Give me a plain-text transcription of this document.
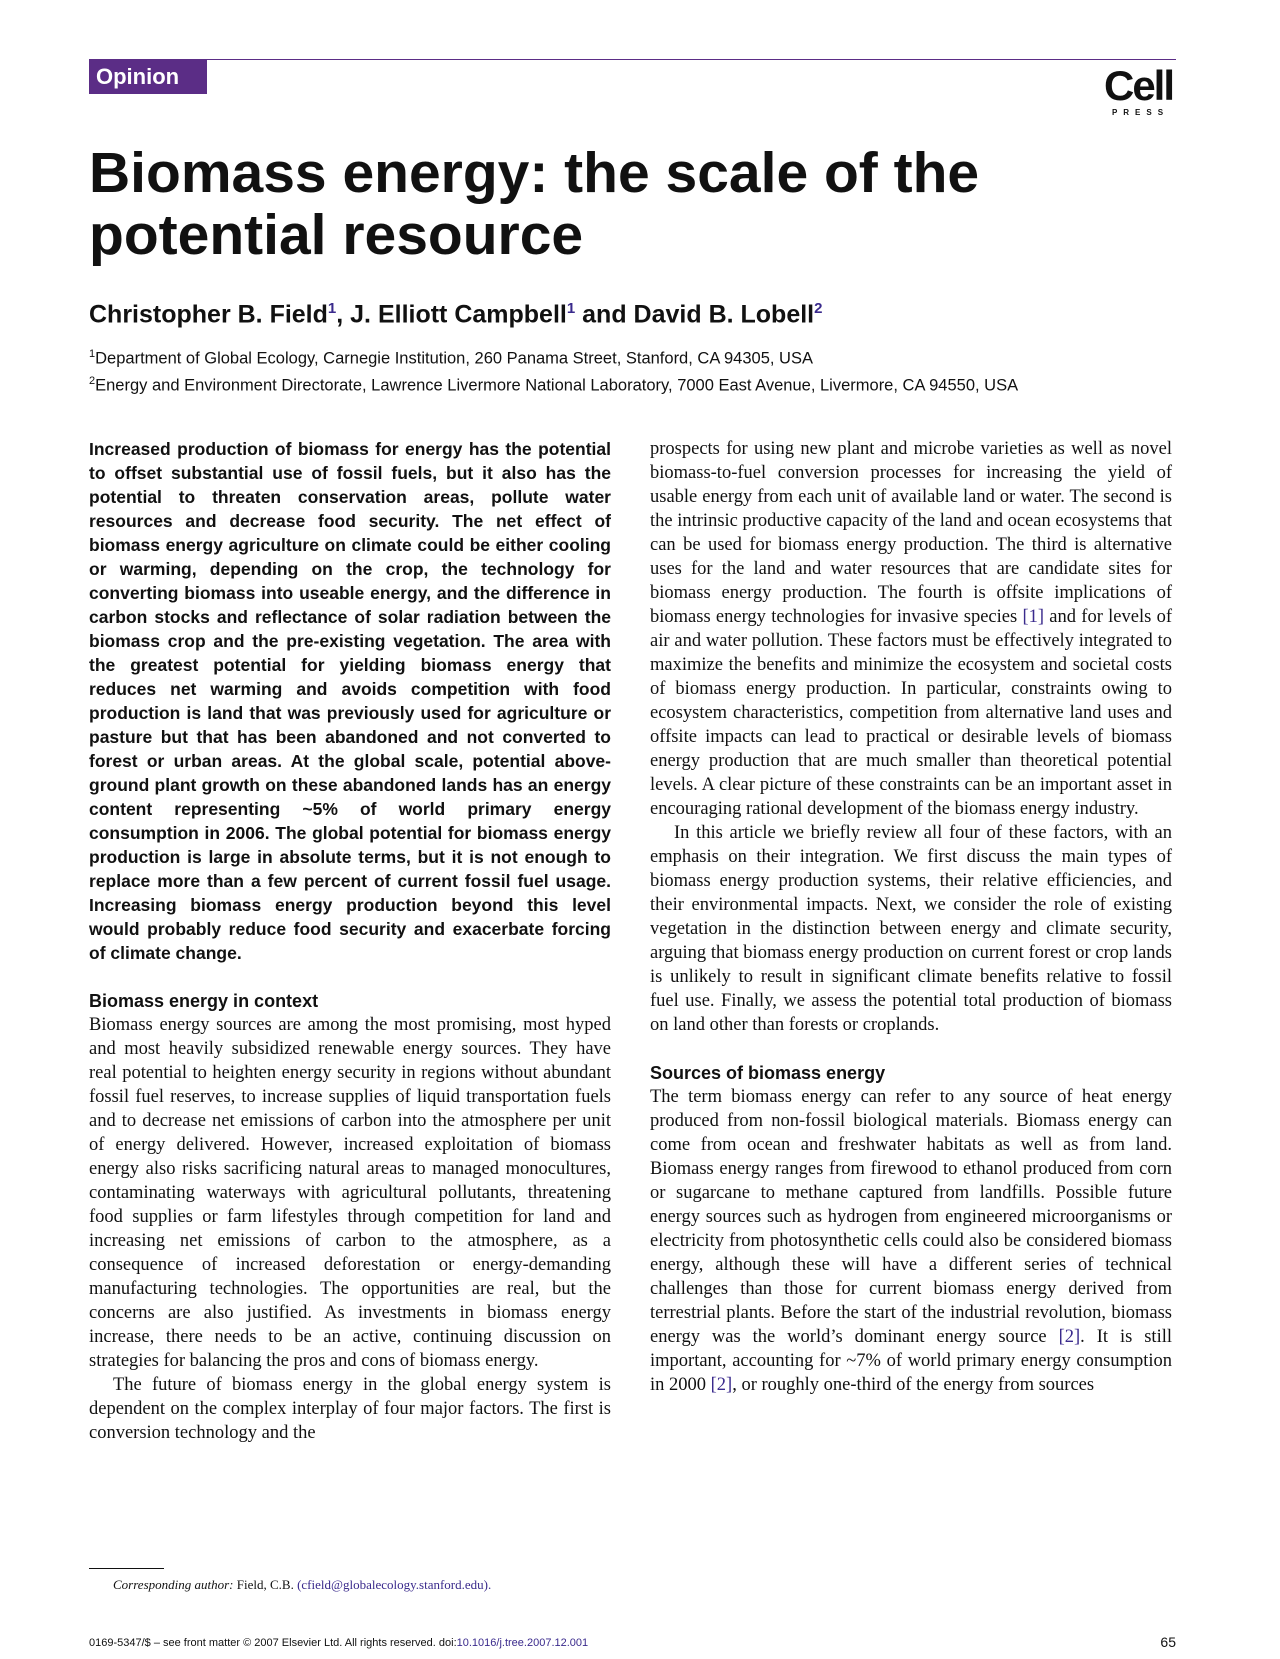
Opinion	Cell
PRESS
Biomass energy: the scale of the potential resource
Christopher B. Field$^1$, J. Elliott Campbell$^1$ and David B. Lobell$^2$
$^1$Department of Global Ecology, Carnegie Institution, 260 Panama Street, Stanford, CA 94305, USA
$^2$Energy and Environment Directorate, Lawrence Livermore National Laboratory, 7000 East Avenue, Livermore, CA 94550, USA

Increased production of biomass for energy has the potential to offset substantial use of fossil fuels, but it also has the potential to threaten conservation areas, pollute water resources and decrease food security. The net effect of biomass energy agriculture on climate could be either cooling or warming, depending on the crop, the technology for converting biomass into useable energy, and the difference in carbon stocks and reflectance of solar radiation between the biomass crop and the pre-existing vegetation. The area with the greatest potential for yielding biomass energy that reduces net warming and avoids competition with food production is land that was previously used for agriculture or pasture but that has been abandoned and not converted to forest or urban areas. At the global scale, potential above-ground plant growth on these abandoned lands has an energy content representing ~5% of world primary energy consumption in 2006. The global potential for biomass energy production is large in absolute terms, but it is not enough to replace more than a few percent of current fossil fuel usage. Increasing biomass energy production beyond this level would probably reduce food security and exacerbate forcing of climate change.

Biomass energy in context

Biomass energy sources are among the most promising, most hyped and most heavily subsidized renewable energy sources. They have real potential to heighten energy security in regions without abundant fossil fuel reserves, to increase supplies of liquid transportation fuels and to decrease net emissions of carbon into the atmosphere per unit of energy delivered. However, increased exploitation of biomass energy also risks sacrificing natural areas to managed monocultures, contaminating waterways with agricultural pollutants, threatening food supplies or farm lifestyles through competition for land and increasing net emissions of carbon to the atmosphere, as a consequence of increased deforestation or energy-demanding manufacturing technologies. The opportunities are real, but the concerns are also justified. As investments in biomass energy increase, there needs to be an active, continuing discussion on strategies for balancing the pros and cons of biomass energy.

The future of biomass energy in the global energy system is dependent on the complex interplay of four major factors. The first is conversion technology and the

prospects for using new plant and microbe varieties as well as novel biomass-to-fuel conversion processes for increasing the yield of usable energy from each unit of available land or water. The second is the intrinsic productive capacity of the land and ocean ecosystems that can be used for biomass energy production. The third is alternative uses for the land and water resources that are candidate sites for biomass energy production. The fourth is offsite implications of biomass energy technologies for invasive species [1] and for levels of air and water pollution. These factors must be effectively integrated to maximize the benefits and minimize the ecosystem and societal costs of biomass energy production. In particular, constraints owing to ecosystem characteristics, competition from alternative land uses and offsite impacts can lead to practical or desirable levels of biomass energy production that are much smaller than theoretical potential levels. A clear picture of these constraints can be an important asset in encouraging rational development of the biomass energy industry.

In this article we briefly review all four of these factors, with an emphasis on their integration. We first discuss the main types of biomass energy production systems, their relative efficiencies, and their environmental impacts. Next, we consider the role of existing vegetation in the distinction between energy and climate security, arguing that biomass energy production on current forest or crop lands is unlikely to result in significant climate benefits relative to fossil fuel use. Finally, we assess the potential total production of biomass on land other than forests or croplands.

Sources of biomass energy

The term biomass energy can refer to any source of heat energy produced from non-fossil biological materials. Biomass energy can come from ocean and freshwater habitats as well as from land. Biomass energy ranges from firewood to ethanol produced from corn or sugarcane to methane captured from landfills. Possible future energy sources such as hydrogen from engineered microorganisms or electricity from photosynthetic cells could also be considered biomass energy, although these will have a different series of technical challenges than those for current biomass energy derived from terrestrial plants. Before the start of the industrial revolution, biomass energy was the world’s dominant energy source [2]. It is still important, accounting for ~7% of world primary energy consumption in 2000 [2], or roughly one-third of the energy from sources

Corresponding author: Field, C.B. (cfield@globalecology.stanford.edu).
0169-5347/$ – see front matter © 2007 Elsevier Ltd. All rights reserved. doi:10.1016/j.tree.2007.12.001	65
